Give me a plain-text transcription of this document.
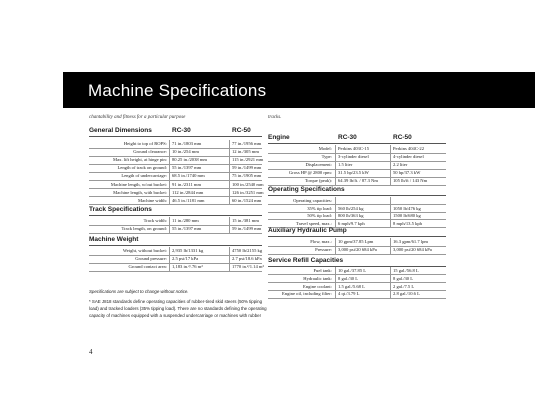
Machine Specifications
chantability and fitness for a particular purpose	tracks.
General Dimensions	RC-30	RC-50
Height to top of ROPS: 71 in./1803 mm	77 in./1956 mm
Ground clearance: 10 in./254 mm	12 in./305 mm
Max. lift height, at hinge pin: 80.25 in./2038 mm	115 in./2921 mm
Length of track on ground: 55 in./1397 mm	59 in./1499 mm
Length of undercarriage: 68.5 in./1740 mm	75 in./1905 mm
Machine length, w/out bucket: 91 in./2311 mm	100 in./2540 mm
Machine length, with bucket: 112 in./2844 mm	126 in./3251 mm
Machine width: 46.5 in./1181 mm	60 in./1524 mm
Track Specifications
Track width: 11 in./280 mm	15 in./381 mm
Track length, on ground: 55 in./1397 mm	59 in./1499 mm
Machine Weight
Weight, without bucket: 2,935 lb/1331 kg	4750 lb/2155 kg
Ground pressure: 2.5 psi/17 kPa	2.7 psi/18.6 kPa
Ground contact area: 1,183 in.²/.76 m²	1770 in.²/1.14 m²
Engine	RC-30	RC-50
Model: Perkins 403C-15	Perkins 404C-22
Type: 3-cylinder diesel	4-cylinder diesel
Displacement: 1.5 liter	2.2 liter
Gross HP @ 2800 rpm: 31.5 hp/23.5 kW	50 hp/37.3 kW
Torque (peak): 64.39 lb/ft. / 87.3 Nm	105 lb/ft / 143 Nm
Operating Specifications
Operating capacities:
35% tip load: 560 lb/254 kg	1050 lb/476 kg
50% tip load: 800 lb/363 kg	1500 lb/680 kg
Travel speed, max.: 6 mph/9.7 kph	8 mph/13.5 kph
Auxiliary Hydraulic Pump
Flow, max.: 10 gpm/37.85 Lpm	16.3 gpm/61.7 lpm
Pressure: 3,000 psi/20 684 kPa	3,000 psi/20 684 kPa
Service Refill Capacities
Fuel tank: 10 gal./37.85 L	15 gal./56.8 L
Hydraulic tank: 8 gal./30 L	8 gal./30 L
Engine coolant: 1.5 gal./5.68 L	2 gal./7.5 L
Engine oil, including filter: 4 qt./3.79 L	2.8 gal./10.6 L
Specifications are subject to change without notice.
* SAE J818 standards define operating capacities of rubber-tired skid steers (50% tipping
load) and tracked loaders (35% tipping load). There are no standards defining the operating
capacity of machines equipped with a suspended undercarriage or machines with rubber
4
